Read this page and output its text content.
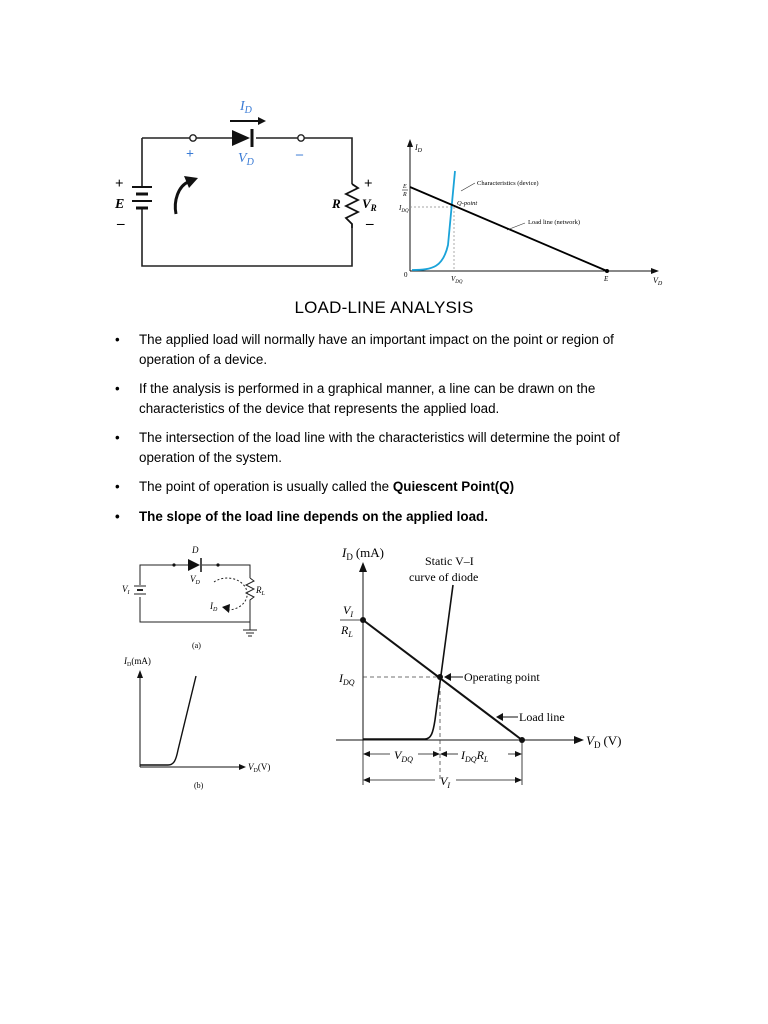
$I_D$
$V_D$
+	–
+
E
–
R
+
$V_R$
–
$I_D$
$V_D$
0
E
R
$I_{DQ}$
$V_{DQ}$	E
Characteristics (device)
Q-point
Load line (network)
LOAD-LINE ANALYSIS
• The applied load will normally have an important impact on the point or region of operation of a device.
• If the analysis is performed in a graphical manner, a line can be drawn on the characteristics of the device that represents the applied load.
• The intersection of the load line with the characteristics will determine the point of operation of the system.
• The point of operation is usually called the Quiescent Point(Q)
• The slope of the load line depends on the applied load.
D
$V_D$
$V_I$	$R_L$
$I_D$
(a)
$I_D(mA)$
$V_D(V)$
(b)
$I_D$ (mA)
$V_D$ (V)
Static V–I
curve of diode
$V_I$
$R_L$
$I_{DQ}$	Operating point
Load line
$V_{DQ}$	$I_{DQ}R_L$
$V_I$
